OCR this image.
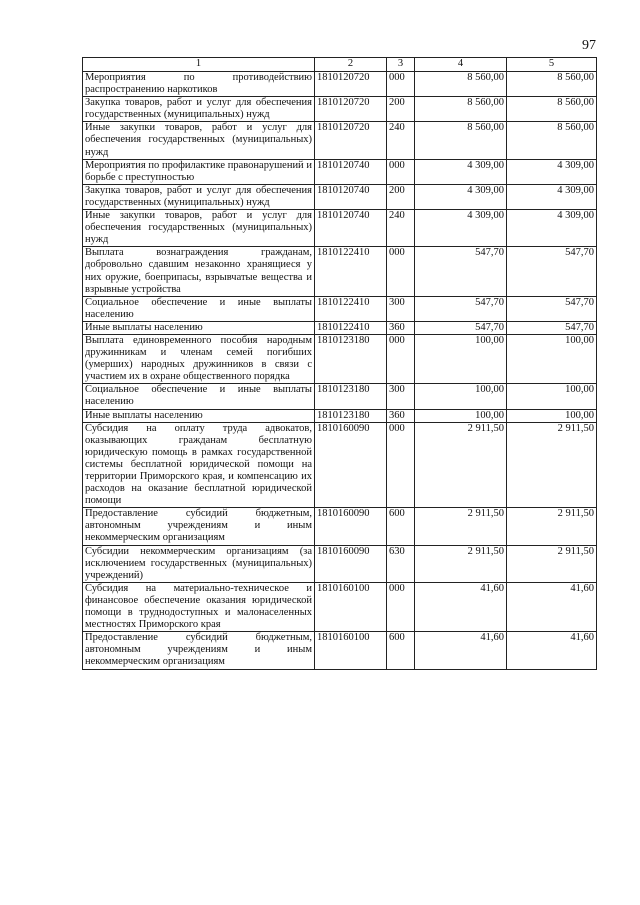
97
1	2	3	4	5
Мероприятия по противодействию распространению наркотиков	1810120720	000	8 560,00	8 560,00
Закупка товаров, работ и услуг для обеспечения государственных (муниципальных) нужд	1810120720	200	8 560,00	8 560,00
Иные закупки товаров, работ и услуг для обеспечения государственных (муниципальных) нужд	1810120720	240	8 560,00	8 560,00
Мероприятия по профилактике правонарушений и борьбе с преступностью	1810120740	000	4 309,00	4 309,00
Закупка товаров, работ и услуг для обеспечения государственных (муниципальных) нужд	1810120740	200	4 309,00	4 309,00
Иные закупки товаров, работ и услуг для обеспечения государственных (муниципальных) нужд	1810120740	240	4 309,00	4 309,00
Выплата вознаграждения гражданам, добровольно сдавшим незаконно хранящиеся у них оружие, боеприпасы, взрывчатые вещества и взрывные устройства	1810122410	000	547,70	547,70
Социальное обеспечение и иные выплаты населению	1810122410	300	547,70	547,70
Иные выплаты населению	1810122410	360	547,70	547,70
Выплата единовременного пособия народным дружинникам и членам семей погибших (умерших) народных дружинников в связи с участием их в охране общественного порядка	1810123180	000	100,00	100,00
Социальное обеспечение и иные выплаты населению	1810123180	300	100,00	100,00
Иные выплаты населению	1810123180	360	100,00	100,00
Субсидия на оплату труда адвокатов, оказывающих гражданам бесплатную юридическую помощь в рамках государственной системы бесплатной юридической помощи на территории Приморского края, и компенсацию их расходов на оказание бесплатной юридической помощи	1810160090	000	2 911,50	2 911,50
Предоставление субсидий бюджетным, автономным учреждениям и иным некоммерческим организациям	1810160090	600	2 911,50	2 911,50
Субсидии некоммерческим организациям (за исключением государственных (муниципальных) учреждений)	1810160090	630	2 911,50	2 911,50
Субсидия на материально-техническое и финансовое обеспечение оказания юридической помощи в труднодоступных и малонаселенных местностях Приморского края	1810160100	000	41,60	41,60
Предоставление субсидий бюджетным, автономным учреждениям и иным некоммерческим организациям	1810160100	600	41,60	41,60
